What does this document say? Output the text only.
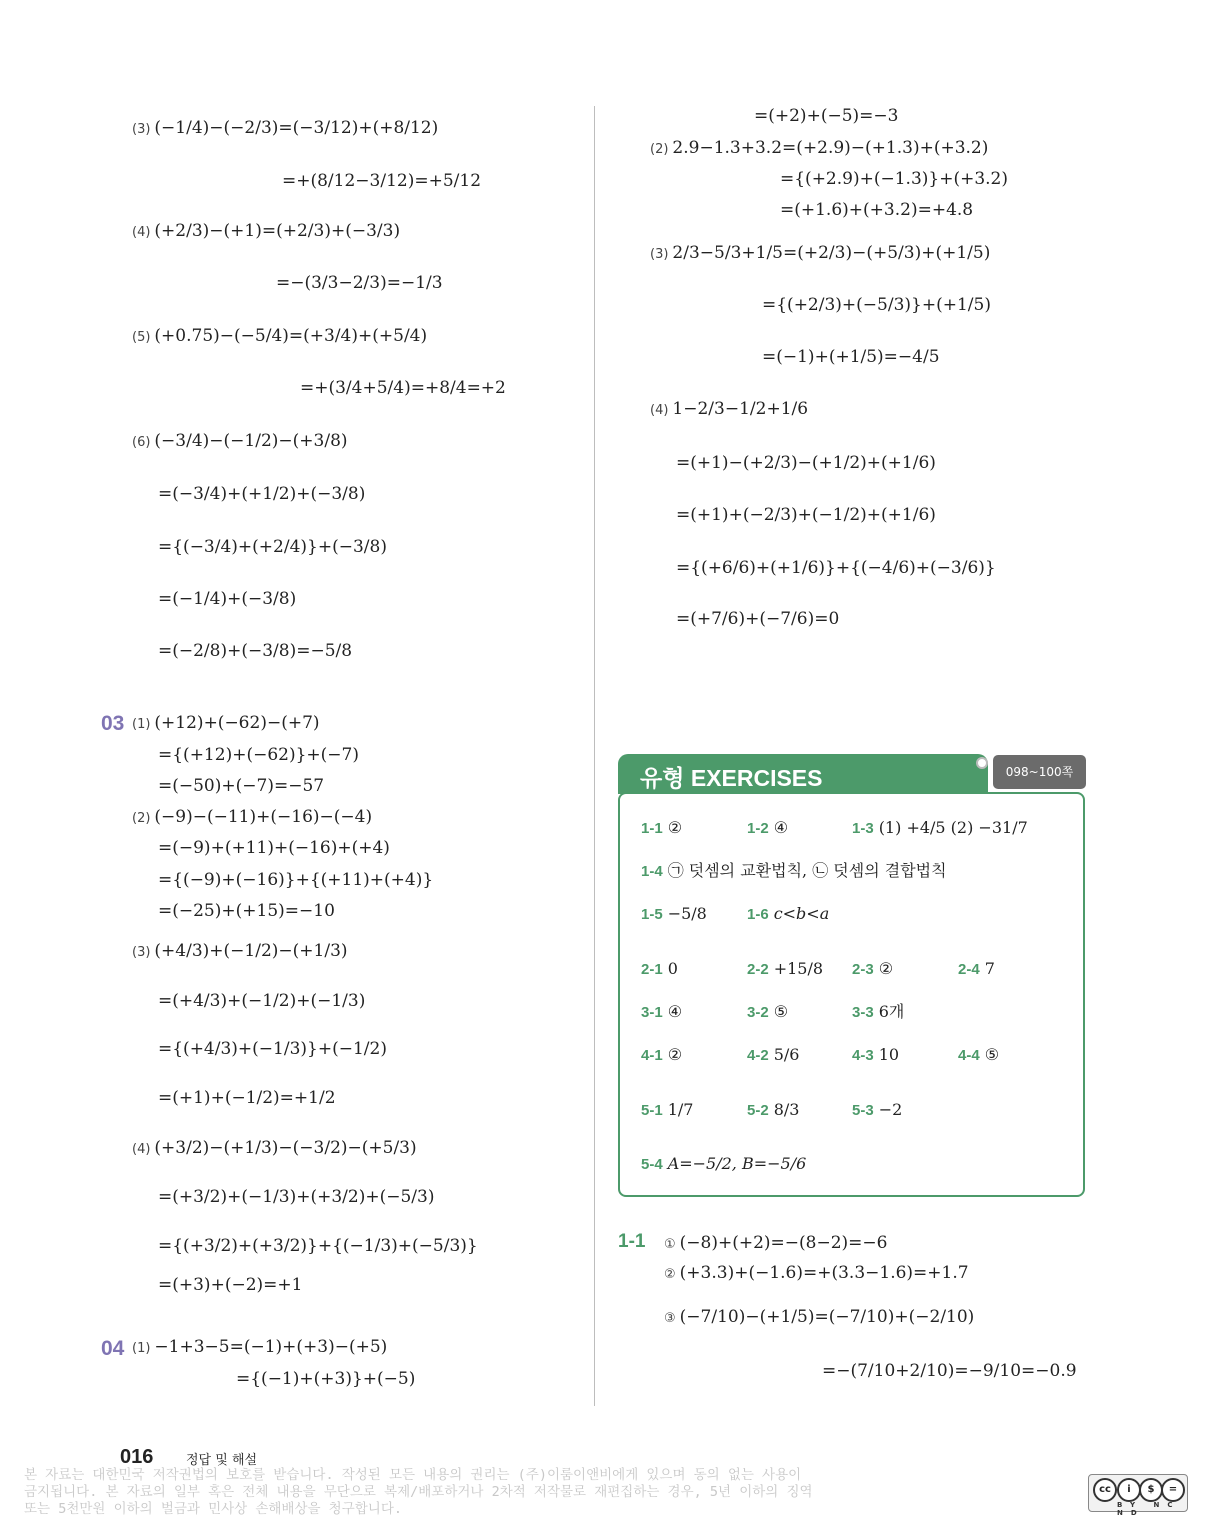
(3) (−1/4)−(−2/3)=(−3/12)+(+8/12)
=+(8/12−3/12)=+5/12
(4) (+2/3)−(+1)=(+2/3)+(−3/3)
=−(3/3−2/3)=−1/3
(5) (+0.75)−(−5/4)=(+3/4)+(+5/4)
=+(3/4+5/4)=+8/4=+2
(6) (−3/4)−(−1/2)−(+3/8)
=(−3/4)+(+1/2)+(−3/8)
={(−3/4)+(+2/4)}+(−3/8)
=(−1/4)+(−3/8)
=(−2/8)+(−3/8)=−5/8
03 (1) (+12)+(−62)−(+7)
={(+12)+(−62)}+(−7)
=(−50)+(−7)=−57
(2) (−9)−(−11)+(−16)−(−4)
=(−9)+(+11)+(−16)+(+4)
={(−9)+(−16)}+{(+11)+(+4)}
=(−25)+(+15)=−10
(3) (+4/3)+(−1/2)−(+1/3)
=(+4/3)+(−1/2)+(−1/3)
={(+4/3)+(−1/3)}+(−1/2)
=(+1)+(−1/2)=+1/2
(4) (+3/2)−(+1/3)−(−3/2)−(+5/3)
=(+3/2)+(−1/3)+(+3/2)+(−5/3)
={(+3/2)+(+3/2)}+{(−1/3)+(−5/3)}
=(+3)+(−2)=+1
04 (1) −1+3−5=(−1)+(+3)−(+5)
={(−1)+(+3)}+(−5)
=(+2)+(−5)=−3
(2) 2.9−1.3+3.2=(+2.9)−(+1.3)+(+3.2)
={(+2.9)+(−1.3)}+(+3.2)
=(+1.6)+(+3.2)=+4.8
(3) 2/3−5/3+1/5=(+2/3)−(+5/3)+(+1/5)
={(+2/3)+(−5/3)}+(+1/5)
=(−1)+(+1/5)=−4/5
(4) 1−2/3−1/2+1/6
=(+1)−(+2/3)−(+1/2)+(+1/6)
=(+1)+(−2/3)+(−1/2)+(+1/6)
={(+6/6)+(+1/6)}+{(−4/6)+(−3/6)}
=(+7/6)+(−7/6)=0
유형 EXERCISES	098~100쪽
1-1 ②	1-2 ④	1-3 (1) +4/5 (2) −31/7
1-4 ㉠ 덧셈의 교환법칙, ㉡ 덧셈의 결합법칙
1-5 −5/8	1-6 c<b<a
2-1 0	2-2 +15/8 2-3 ②	2-4 7
3-1 ④	3-2 ⑤	3-3 6개
4-1 ②	4-2 5/6	4-3 10	4-4 ⑤
5-1 1/7	5-2 8/3	5-3 −2
5-4 A=−5/2, B=−5/6
1-1 ① (−8)+(+2)=−(8−2)=−6
② (+3.3)+(−1.6)=+(3.3−1.6)=+1.7
③ (−7/10)−(+1/5)=(−7/10)+(−2/10)
=−(7/10+2/10)=−9/10=−0.9
016	정답 및 해설
본 자료는 대한민국 저작권법의 보호를 받습니다. 작성된 모든 내용의 권리는 (주)이룸이앤비에게 있으며 동의 없는 사용이
금지됩니다. 본 자료의 일부 혹은 전체 내용을 무단으로 복제/배포하거나 2차적 저작물로 재편집하는 경우, 5년 이하의 징역
또는 5천만원 이하의 벌금과 민사상 손해배상을 청구합니다.
cc	i	$	=
BY NC ND
